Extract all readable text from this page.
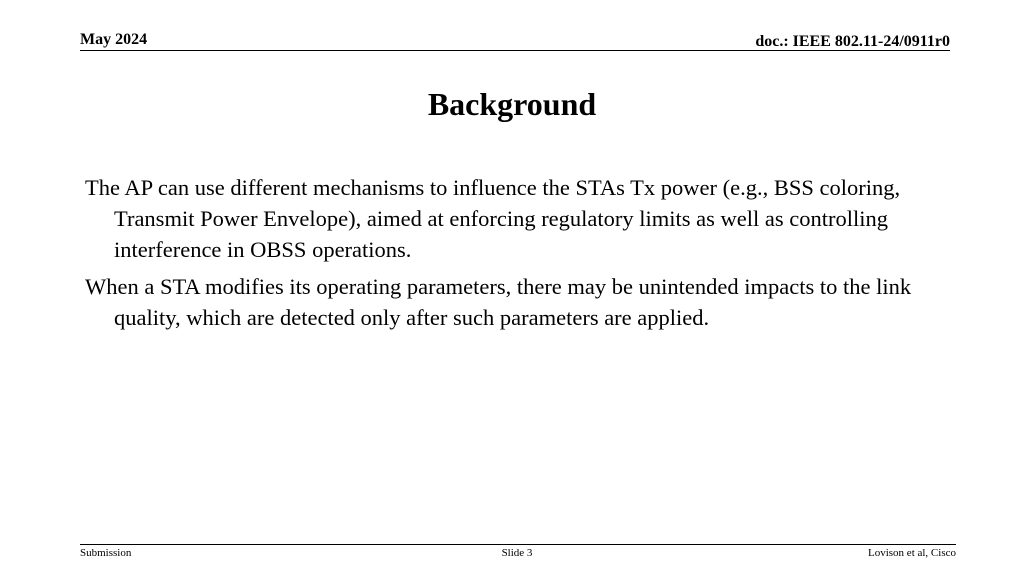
May 2024	doc.: IEEE 802.11-24/0911r0
Background

The AP can use different mechanisms to influence the STAs Tx power (e.g., BSS coloring, Transmit Power Envelope), aimed at enforcing regulatory limits as well as controlling interference in OBSS operations.

When a STA modifies its operating parameters, there may be unintended impacts to the link quality, which are detected only after such parameters are applied.

Submission	Slide 3	Lovison et al, Cisco
